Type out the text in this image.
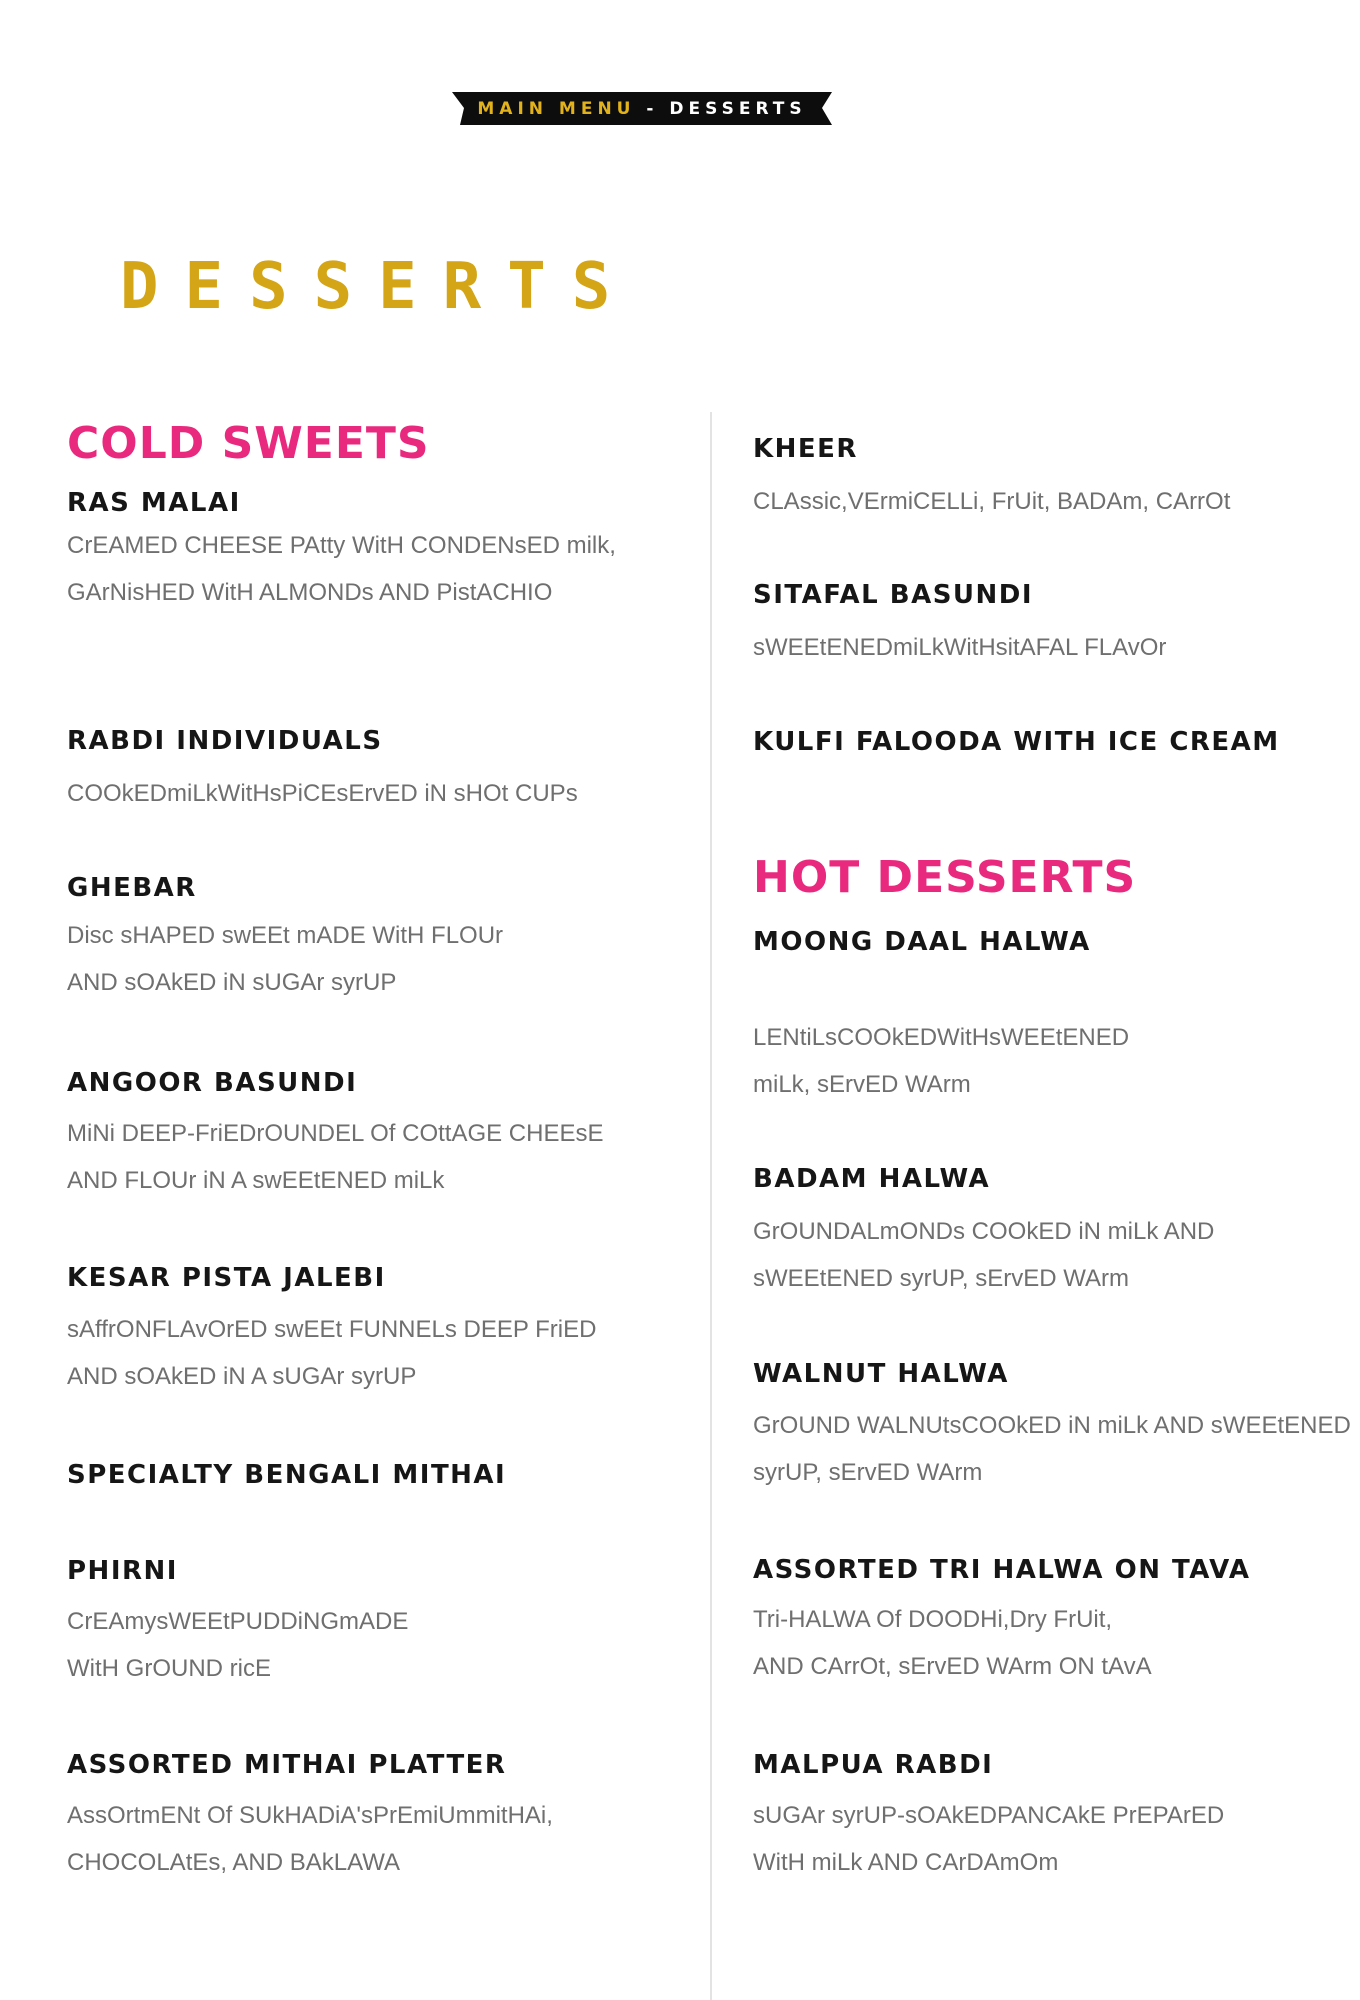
MAIN MENU - DESSERTS
DESSERTS
COLD SWEETS
RAS MALAI
CrEAMED CHEESE PAtty WitH CONDENsED milk,
GArNisHED WitH ALMONDs AND PistACHIO
RABDI INDIVIDUALS
COOkEDmiLkWitHsPiCEsErvED iN sHOt CUPs
GHEBAR
Disc sHAPED swEEt mADE WitH FLOUr
AND sOAkED iN sUGAr syrUP
ANGOOR BASUNDI
MiNi DEEP-FriEDrOUNDEL Of COttAGE CHEEsE
AND FLOUr iN A swEEtENED miLk
KESAR PISTA JALEBI
sAffrONFLAvOrED swEEt FUNNELs DEEP FriED
AND sOAkED iN A sUGAr syrUP
SPECIALTY BENGALI MITHAI
PHIRNI
CrEAmysWEEtPUDDiNGmADE
WitH GrOUND ricE
ASSORTED MITHAI PLATTER
AssOrtmENt Of SUkHADiA'sPrEmiUmmitHAi,
CHOCOLAtEs, AND BAkLAWA
KHEER
CLAssic,VErmiCELLi, FrUit, BADAm, CArrOt
SITAFAL BASUNDI
sWEEtENEDmiLkWitHsitAFAL FLAvOr
KULFI FALOODA WITH ICE CREAM
HOT DESSERTS
MOONG DAAL HALWA
LENtiLsCOOkEDWitHsWEEtENED
miLk, sErvED WArm
BADAM HALWA
GrOUNDALmONDs COOkED iN miLk AND
sWEEtENED syrUP, sErvED WArm
WALNUT HALWA
GrOUND WALNUtsCOOkED iN miLk AND sWEEtENED
syrUP, sErvED WArm
ASSORTED TRI HALWA ON TAVA
Tri-HALWA Of DOODHi,Dry FrUit,
AND CArrOt, sErvED WArm ON tAvA
MALPUA RABDI
sUGAr syrUP-sOAkEDPANCAkE PrEPArED
WitH miLk AND CArDAmOm
